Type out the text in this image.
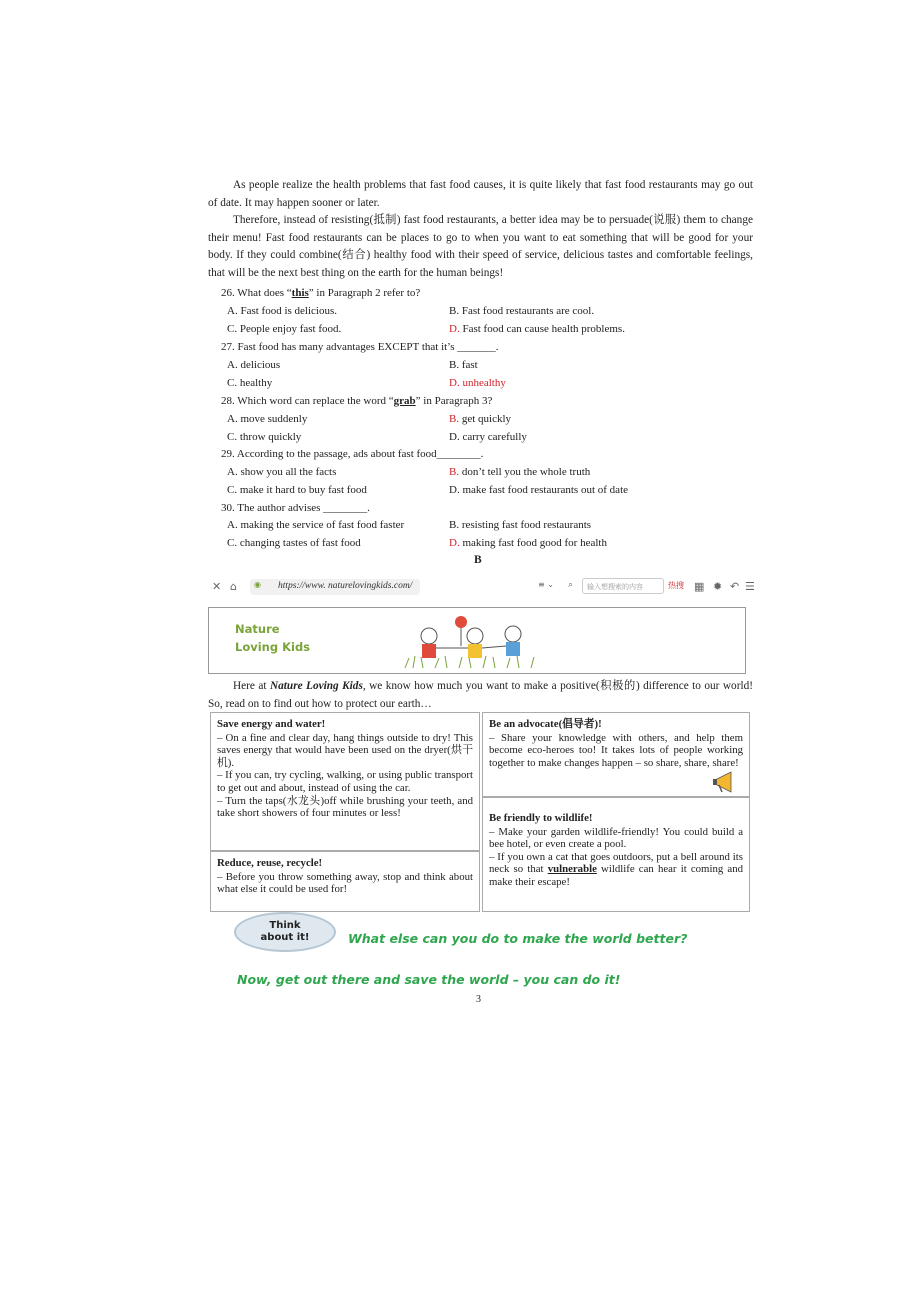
As people realize the health problems that fast food causes, it is quite likely that fast food restaurants may go out of date. It may happen sooner or later.

Therefore, instead of resisting(抵制) fast food restaurants, a better idea may be to persuade(说服) them to change their menu! Fast food restaurants can be places to go to when you want to eat something that will be good for your body. If they could combine(结合) healthy food with their speed of service, delicious tastes and comfortable feelings, that will be the next best thing on the earth for the human beings!

26. What does “this” in Paragraph 2 refer to?
A. Fast food is delicious.	B. Fast food restaurants are cool.
C. People enjoy fast food.	D. Fast food can cause health problems.
27. Fast food has many advantages EXCEPT that it’s _______.
A. delicious	B. fast
C. healthy	D. unhealthy
28. Which word can replace the word “grab” in Paragraph 3?
A. move suddenly	B. get quickly
C. throw quickly	D. carry carefully
29. According to the passage, ads about fast food________.
A. show you all the facts	B. don’t tell you the whole truth
C. make it hard to buy fast food	D. make fast food restaurants out of date
30. The author advises ________.
A. making the service of fast food faster	B. resisting fast food restaurants
C. changing tastes of fast food	D. making fast food good for health
B
✕ ⌂ ◉ https://www. naturelovingkids.com/	≡ ⌄ ⌕	输入想搜索的内容	热搜 ▦ ✹ ↶ ☰
Nature
Loving Kids

Here at Nature Loving Kids, we know how much you want to make a positive(积极的) difference to our world! So, read on to find out how to protect our earth…

Save energy and water!

– On a fine and clear day, hang things outside to dry! This saves energy that would have been used on the dryer(烘干机).

– If you can, try cycling, walking, or using public transport to get out and about, instead of using the car.

– Turn the taps(水龙头)off while brushing your teeth, and take short showers of four minutes or less!

Reduce, reuse, recycle!

– Before you throw something away, stop and think about what else it could be used for!

Be an advocate(倡导者)!

– Share your knowledge with others, and help them become eco-heroes too! It takes lots of people working together to make changes happen – so share, share, share!

Be friendly to wildlife!

– Make your garden wildlife-friendly! You could build a bee hotel, or even create a pool.

– If you own a cat that goes outdoors, put a bell around its neck so that vulnerable wildlife can hear it coming and make their escape!

Think
about it!	What else can you do to make the world better?
Now, get out there and save the world – you can do it!
3
